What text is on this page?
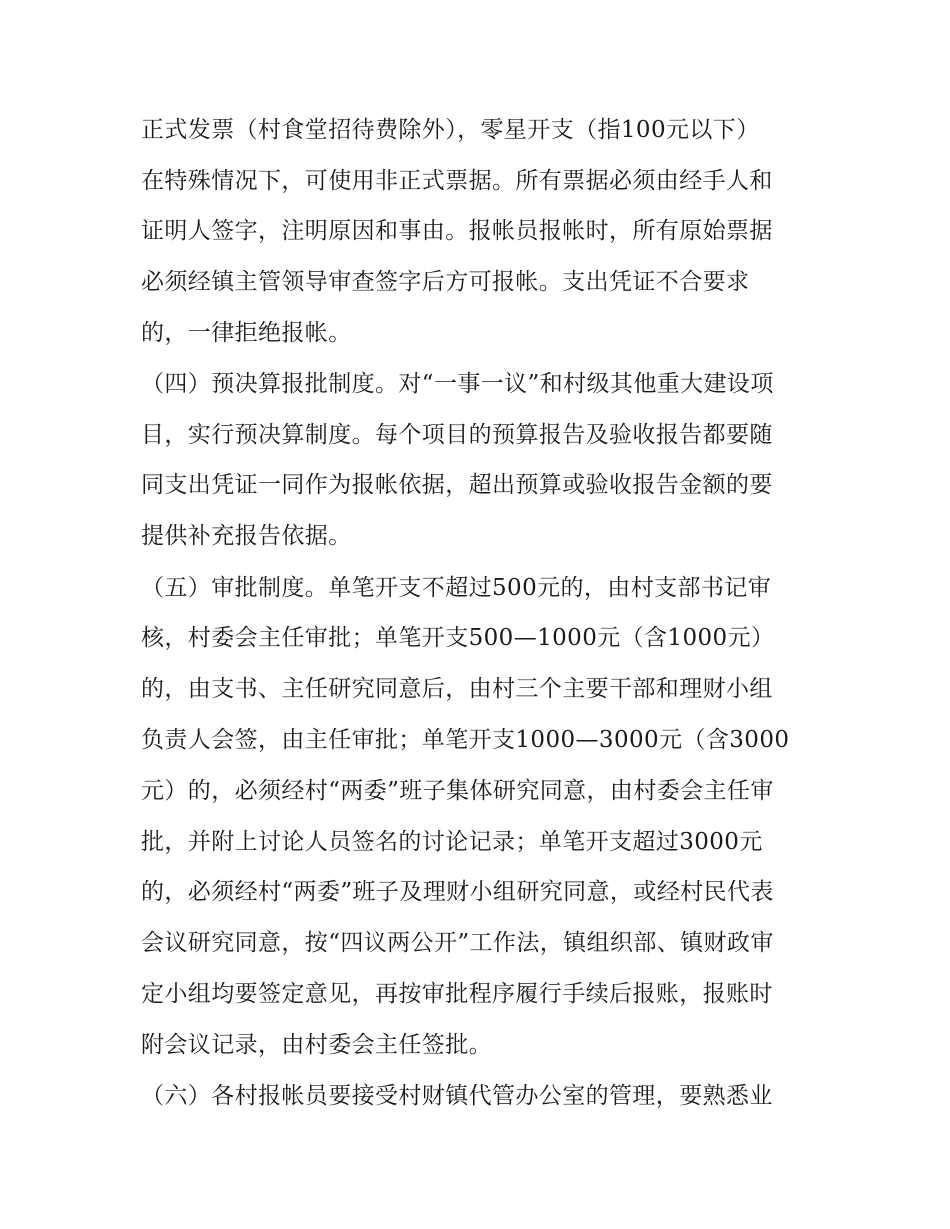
正式发票（村食堂招待费除外），零星开支（指100元以下）
在特殊情况下，可使用非正式票据。所有票据必须由经手人和
证明人签字，注明原因和事由。报帐员报帐时，所有原始票据
必须经镇主管领导审查签字后方可报帐。支出凭证不合要求
的，一律拒绝报帐。
（四）预决算报批制度。对“一事一议”和村级其他重大建设项
目，实行预决算制度。每个项目的预算报告及验收报告都要随
同支出凭证一同作为报帐依据，超出预算或验收报告金额的要
提供补充报告依据。
（五）审批制度。单笔开支不超过500元的，由村支部书记审
核，村委会主任审批；单笔开支500—1000元（含1000元）
的，由支书、主任研究同意后，由村三个主要干部和理财小组
负责人会签，由主任审批；单笔开支1000—3000元（含3000
元）的，必须经村“两委”班子集体研究同意，由村委会主任审
批，并附上讨论人员签名的讨论记录；单笔开支超过3000元
的，必须经村“两委”班子及理财小组研究同意，或经村民代表
会议研究同意，按“四议两公开”工作法，镇组织部、镇财政审
定小组均要签定意见，再按审批程序履行手续后报账，报账时
附会议记录，由村委会主任签批。
（六）各村报帐员要接受村财镇代管办公室的管理，要熟悉业
